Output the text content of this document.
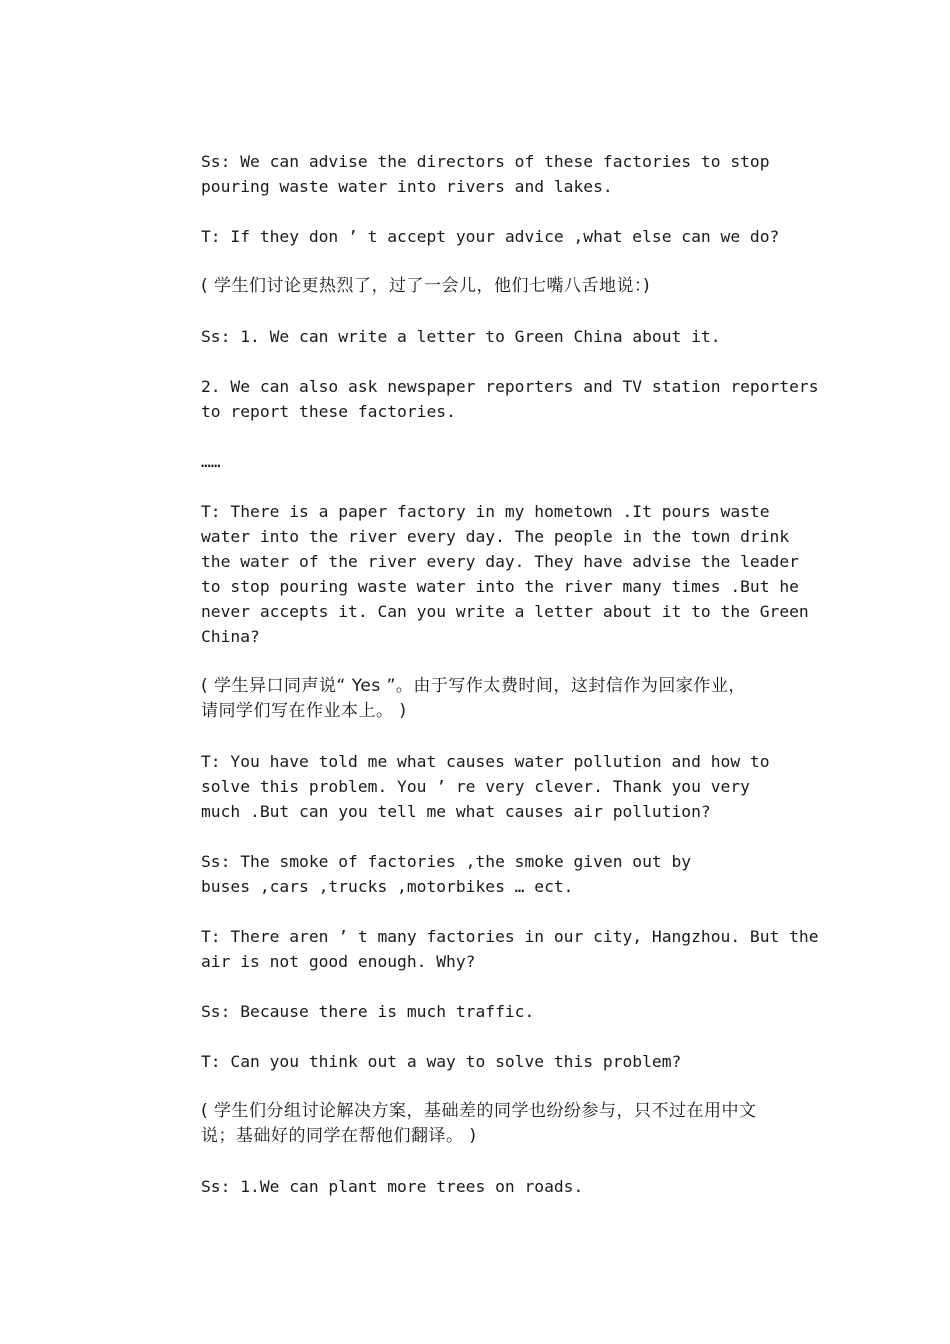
Ss: We can advise the directors of these factories to stop
pouring waste water into rivers and lakes.

T: If they don ’ t accept your advice ,what else can we do?

( 学生们讨论更热烈了，过了一会儿，他们七嘴八舌地说：)

Ss: 1. We can write a letter to Green China about it.

2. We can also ask newspaper reporters and TV station reporters
to report these factories.

……

T: There is a paper factory in my hometown .It pours waste
water into the river every day. The people in the town drink
the water of the river every day. They have advise the leader
to stop pouring waste water into the river many times .But he
never accepts it. Can you write a letter about it to the Green
China?

( 学生异口同声说“ Yes ”。由于写作太费时间，这封信作为回家作业，
请同学们写在作业本上。 )

T: You have told me what causes water pollution and how to
solve this problem. You ’ re very clever. Thank you very
much .But can you tell me what causes air pollution?

Ss: The smoke of factories ,the smoke given out by
buses ,cars ,trucks ,motorbikes … ect.

T: There aren ’ t many factories in our city, Hangzhou. But the
air is not good enough. Why?

Ss: Because there is much traffic.

T: Can you think out a way to solve this problem?

( 学生们分组讨论解决方案，基础差的同学也纷纷参与，只不过在用中文
说；基础好的同学在帮他们翻译。 )

Ss: 1.We can plant more trees on roads.
